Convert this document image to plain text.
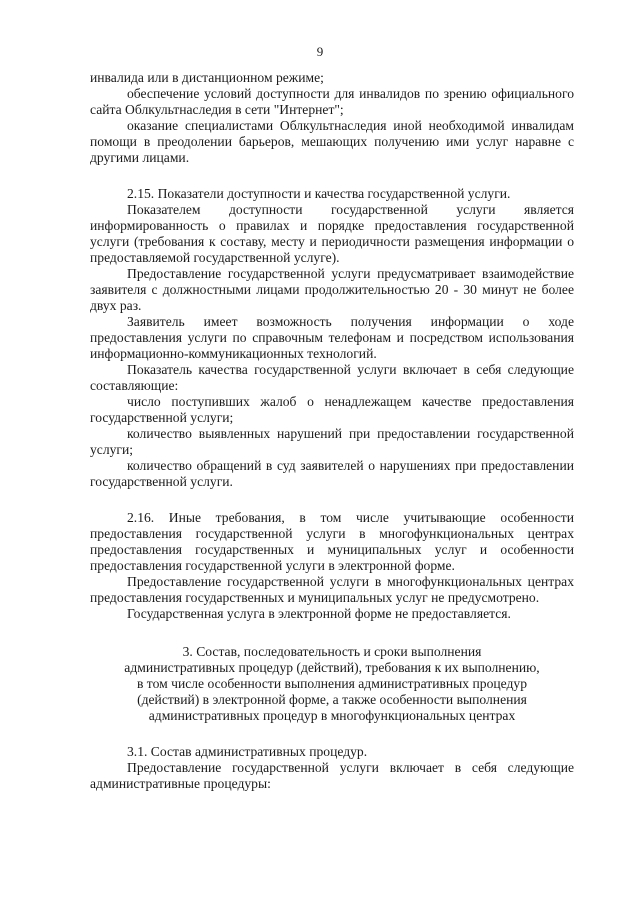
9

инвалида или в дистанционном режиме;

обеспечение условий доступности для инвалидов по зрению официального сайта Облкультнаследия в сети "Интернет";

оказание специалистами Облкультнаследия иной необходимой инвалидам помощи в преодолении барьеров, мешающих получению ими услуг наравне с другими лицами.

2.15. Показатели доступности и качества государственной услуги.

Показателем доступности государственной услуги является информированность о правилах и порядке предоставления государственной услуги (требования к составу, месту и периодичности размещения информации о предоставляемой государственной услуге).

Предоставление государственной услуги предусматривает взаимодействие заявителя с должностными лицами продолжительностью 20 - 30 минут не более двух раз.

Заявитель имеет возможность получения информации о ходе предоставления услуги по справочным телефонам и посредством использования информационно-коммуникационных технологий.

Показатель качества государственной услуги включает в себя следующие составляющие:

число поступивших жалоб о ненадлежащем качестве предоставления государственной услуги;

количество выявленных нарушений при предоставлении государственной услуги;

количество обращений в суд заявителей о нарушениях при предоставлении государственной услуги.

2.16. Иные требования, в том числе учитывающие особенности предоставления государственной услуги в многофункциональных центрах предоставления государственных и муниципальных услуг и особенности предоставления государственной услуги в электронной форме.

Предоставление государственной услуги в многофункциональных центрах предоставления государственных и муниципальных услуг не предусмотрено.

Государственная услуга в электронной форме не предоставляется.

3. Состав, последовательность и сроки выполнения
административных процедур (действий), требования к их выполнению,
в том числе особенности выполнения административных процедур
(действий) в электронной форме, а также особенности выполнения
административных процедур в многофункциональных центрах

3.1. Состав административных процедур.

Предоставление государственной услуги включает в себя следующие административные процедуры:
